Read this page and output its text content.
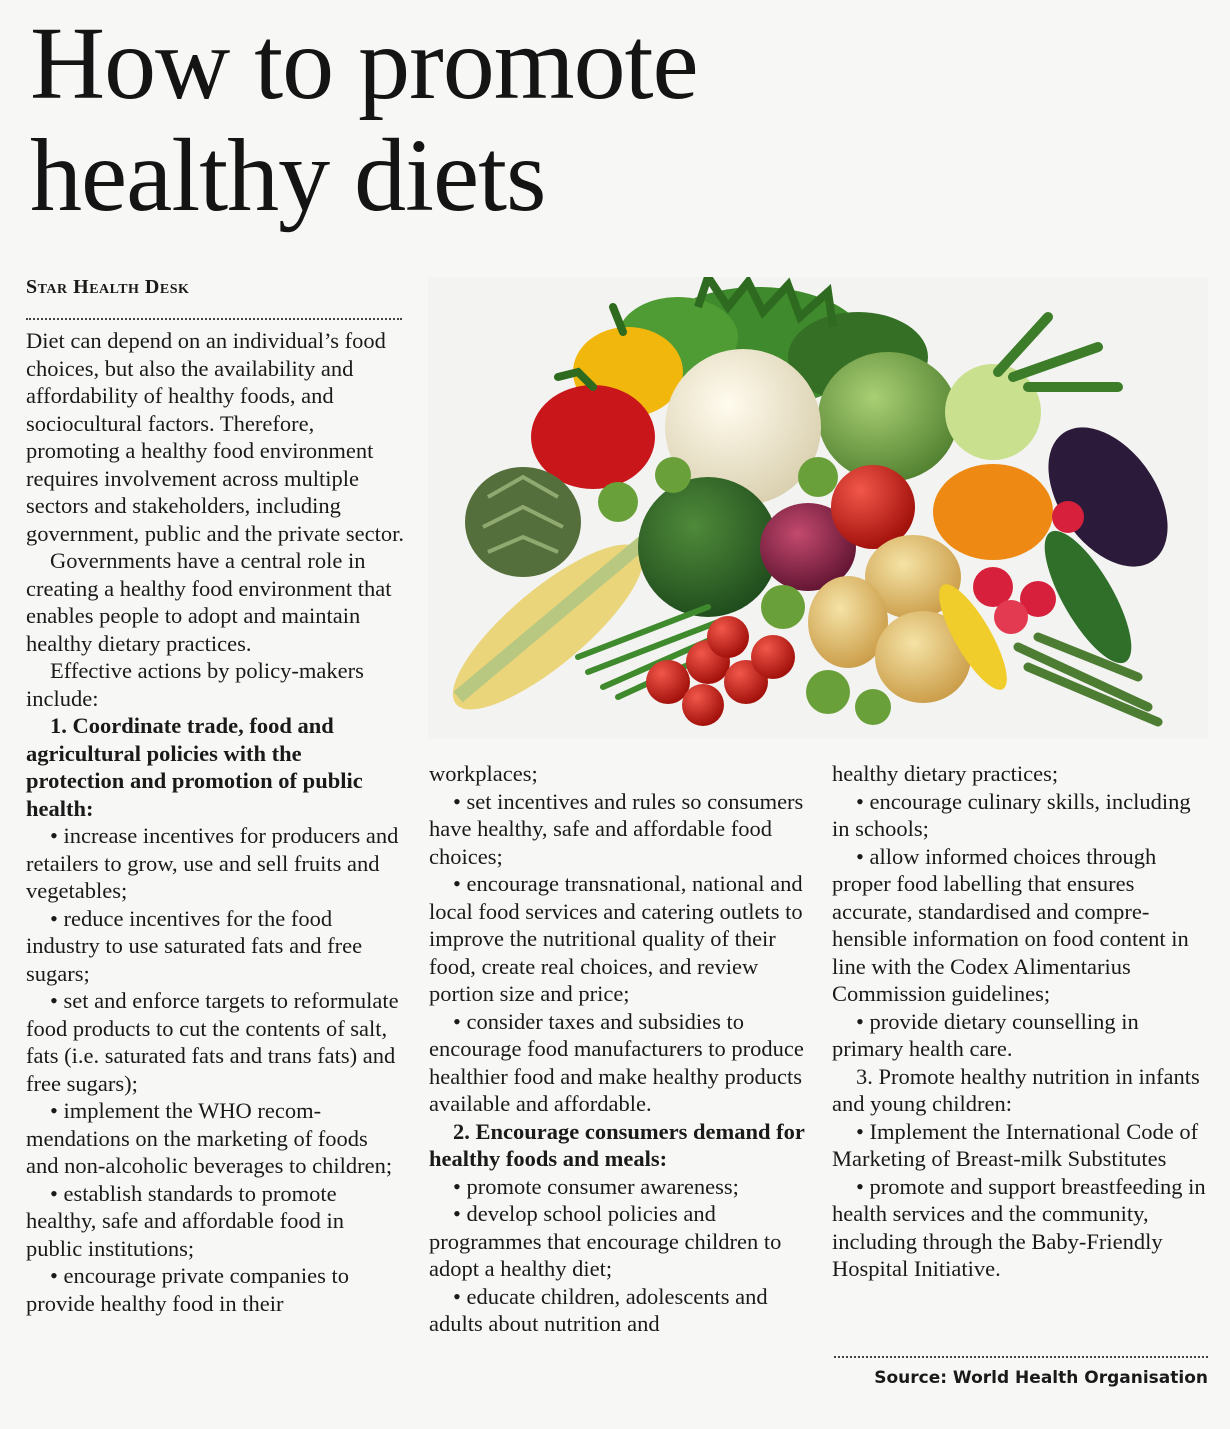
How to promote
healthy diets
Star Health Desk

Diet can depend on an individual’s food choices, but also the availability and affordability of healthy foods, and sociocultural factors. Therefore, promoting a healthy food environment requires involvement across multiple sectors and stakeholders, including government, public and the private sector.

Governments have a central role in creating a healthy food environment that enables people to adopt and maintain healthy dietary practices.

Effective actions by policy-makers include:

1. Coordinate trade, food and agricultural policies with the protection and promotion of public health:

• increase incentives for producers and retailers to grow, use and sell fruits and vegetables;

• reduce incentives for the food industry to use saturated fats and free sugars;

• set and enforce targets to reformulate food products to cut the contents of salt, fats (i.e. saturated fats and trans fats) and free sugars);

• implement the WHO recommendations on the marketing of foods and non-alcoholic beverages to children;

• establish standards to promote healthy, safe and affordable food in public institutions;

• encourage private companies to provide healthy food in their

workplaces;

• set incentives and rules so consumers have healthy, safe and affordable food choices;

• encourage transnational, national and local food services and catering outlets to improve the nutritional quality of their food, create real choices, and review portion size and price;

• consider taxes and subsidies to encourage food manufacturers to produce healthier food and make healthy products available and affordable.

2. Encourage consumers demand for healthy foods and meals:

• promote consumer awareness;

• develop school policies and programmes that encourage children to adopt a healthy diet;

• educate children, adolescents and adults about nutrition and

healthy dietary practices;

• encourage culinary skills, including in schools;

• allow informed choices through proper food labelling that ensures accurate, standardised and comprehensible information on food content in line with the Codex Alimentarius Commission guidelines;

• provide dietary counselling in primary health care.

3. Promote healthy nutrition in infants and young children:

• Implement the International Code of Marketing of Breast-milk Substitutes

• promote and support breastfeeding in health services and the community, including through the Baby-Friendly Hospital Initiative.

Source: World Health Organisation
